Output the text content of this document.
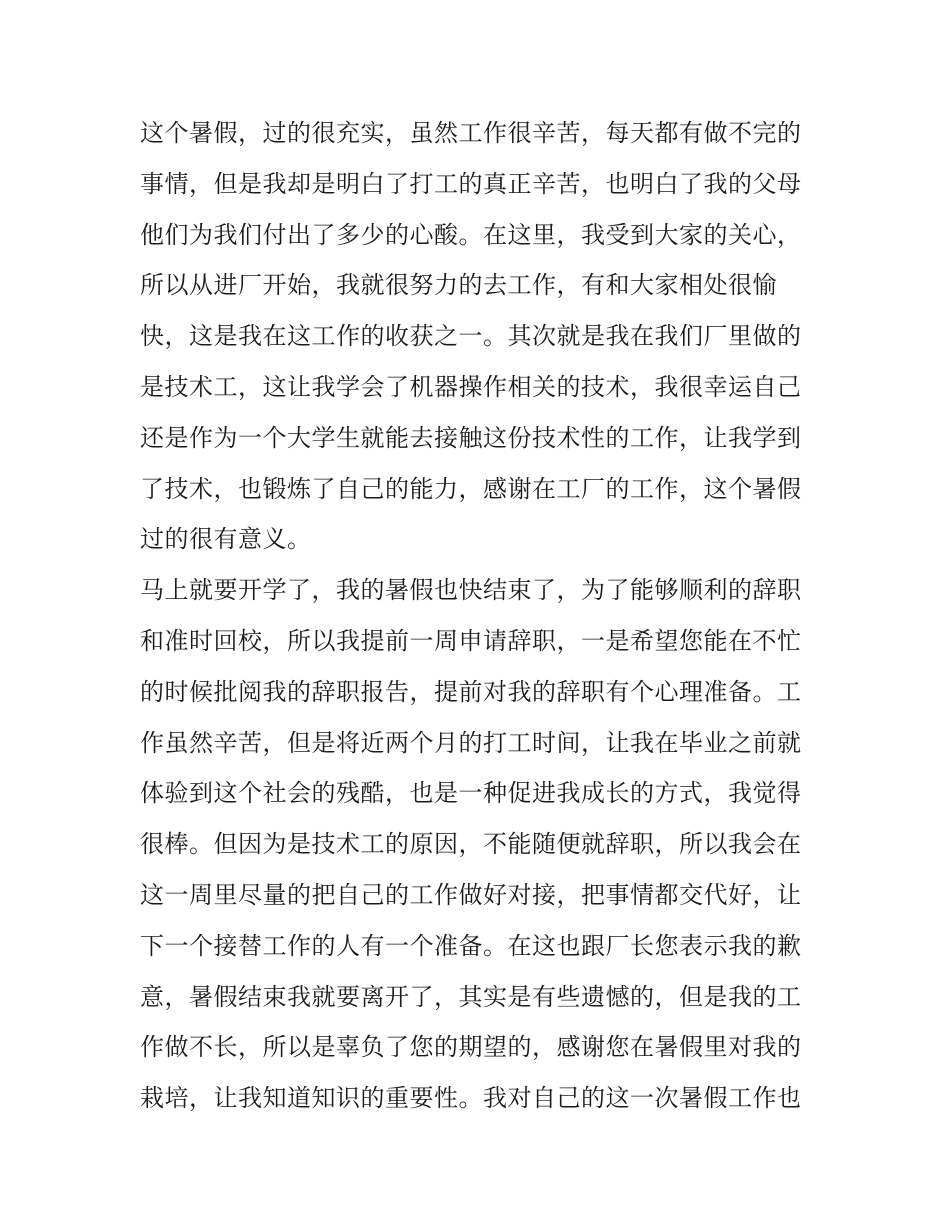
这个暑假，过的很充实，虽然工作很辛苦，每天都有做不完的
事情，但是我却是明白了打工的真正辛苦，也明白了我的父母
他们为我们付出了多少的心酸。在这里，我受到大家的关心，
所以从进厂开始，我就很努力的去工作，有和大家相处很愉
快，这是我在这工作的收获之一。其次就是我在我们厂里做的
是技术工，这让我学会了机器操作相关的技术，我很幸运自己
还是作为一个大学生就能去接触这份技术性的工作，让我学到
了技术，也锻炼了自己的能力，感谢在工厂的工作，这个暑假
过的很有意义。
马上就要开学了，我的暑假也快结束了，为了能够顺利的辞职
和准时回校，所以我提前一周申请辞职，一是希望您能在不忙
的时候批阅我的辞职报告，提前对我的辞职有个心理准备。工
作虽然辛苦，但是将近两个月的打工时间，让我在毕业之前就
体验到这个社会的残酷，也是一种促进我成长的方式，我觉得
很棒。但因为是技术工的原因，不能随便就辞职，所以我会在
这一周里尽量的把自己的工作做好对接，把事情都交代好，让
下一个接替工作的人有一个准备。在这也跟厂长您表示我的歉
意，暑假结束我就要离开了，其实是有些遗憾的，但是我的工
作做不长，所以是辜负了您的期望的，感谢您在暑假里对我的
栽培，让我知道知识的重要性。我对自己的这一次暑假工作也
